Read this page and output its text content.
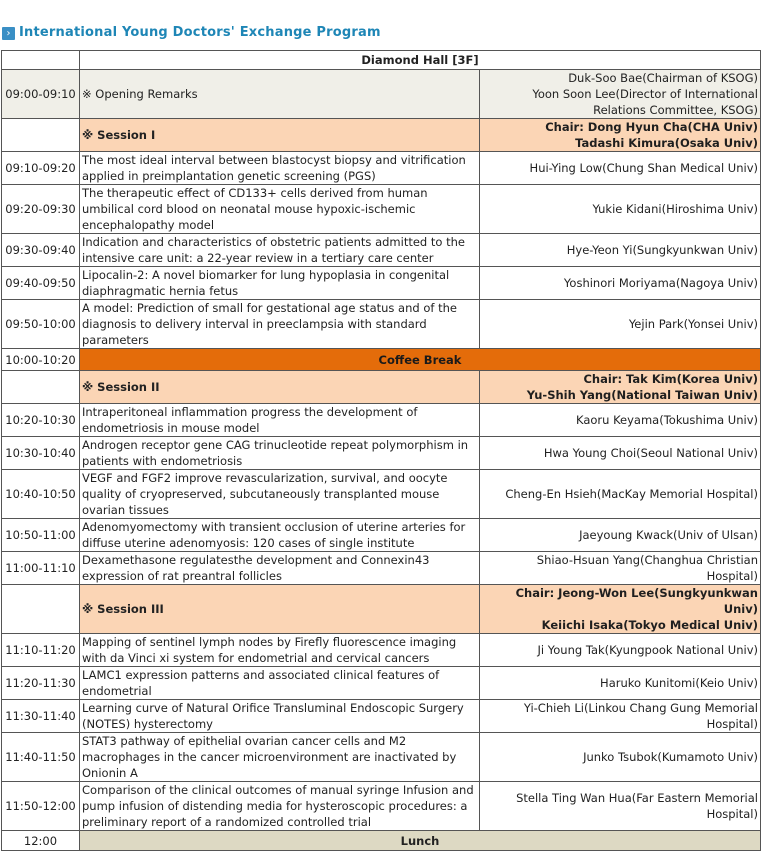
› International Young Doctors' Exchange Program
	Diamond Hall [3F]	
09:00-09:10	※ Opening Remarks	Duk-Soo Bae(Chairman of KSOG)
Yoon Soon Lee(Director of International
Relations Committee, KSOG)

	※ Session I	Chair: Dong Hyun Cha(CHA Univ)
Tadashi Kimura(Osaka Univ)

09:10-09:20	The most ideal interval between blastocyst biopsy and vitrification applied in preimplantation genetic screening (PGS)	Hui-Ying Low(Chung Shan Medical Univ)
09:20-09:30	The therapeutic effect of CD133+ cells derived from human umbilical cord blood on neonatal mouse hypoxic-ischemic encephalopathy model	Yukie Kidani(Hiroshima Univ)
09:30-09:40	Indication and characteristics of obstetric patients admitted to the intensive care unit: a 22-year review in a tertiary care center	Hye-Yeon Yi(Sungkyunkwan Univ)
09:40-09:50	Lipocalin-2: A novel biomarker for lung hypoplasia in congenital diaphragmatic hernia fetus	Yoshinori Moriyama(Nagoya Univ)
09:50-10:00	A model: Prediction of small for gestational age status and of the diagnosis to delivery interval in preeclampsia with standard parameters	Yejin Park(Yonsei Univ)
10:00-10:20	Coffee Break	
	※ Session II	Chair: Tak Kim(Korea Univ)
Yu-Shih Yang(National Taiwan Univ)

10:20-10:30	Intraperitoneal inflammation progress the development of endometriosis in mouse model	Kaoru Keyama(Tokushima Univ)
10:30-10:40	Androgen receptor gene CAG trinucleotide repeat polymorphism in patients with endometriosis	Hwa Young Choi(Seoul National Univ)
10:40-10:50	VEGF and FGF2 improve revascularization, survival, and oocyte quality of cryopreserved, subcutaneously transplanted mouse ovarian tissues	Cheng-En Hsieh(MacKay Memorial Hospital)
10:50-11:00	Adenomyomectomy with transient occlusion of uterine arteries for diffuse uterine adenomyosis: 120 cases of single institute	Jaeyoung Kwack(Univ of Ulsan)
11:00-11:10	Dexamethasone regulatesthe development and Connexin43 expression of rat preantral follicles	Shiao-Hsuan Yang(Changhua Christian Hospital)
	※ Session III	Chair: Jeong-Won Lee(Sungkyunkwan Univ)
Keiichi Isaka(Tokyo Medical Univ)

11:10-11:20	Mapping of sentinel lymph nodes by Firefly fluorescence imaging with da Vinci xi system for endometrial and cervical cancers	Ji Young Tak(Kyungpook National Univ)
11:20-11:30	LAMC1 expression patterns and associated clinical features of endometrial	Haruko Kunitomi(Keio Univ)
11:30-11:40	Learning curve of Natural Orifice Transluminal Endoscopic Surgery (NOTES) hysterectomy	Yi-Chieh Li(Linkou Chang Gung Memorial Hospital)
11:40-11:50	STAT3 pathway of epithelial ovarian cancer cells and M2 macrophages in the cancer microenvironment are inactivated by Onionin A	Junko Tsubok(Kumamoto Univ)
11:50-12:00	Comparison of the clinical outcomes of manual syringe Infusion and pump infusion of distending media for hysteroscopic procedures: a preliminary report of a randomized controlled trial	Stella Ting Wan Hua(Far Eastern Memorial Hospital)
12:00	Lunch	
